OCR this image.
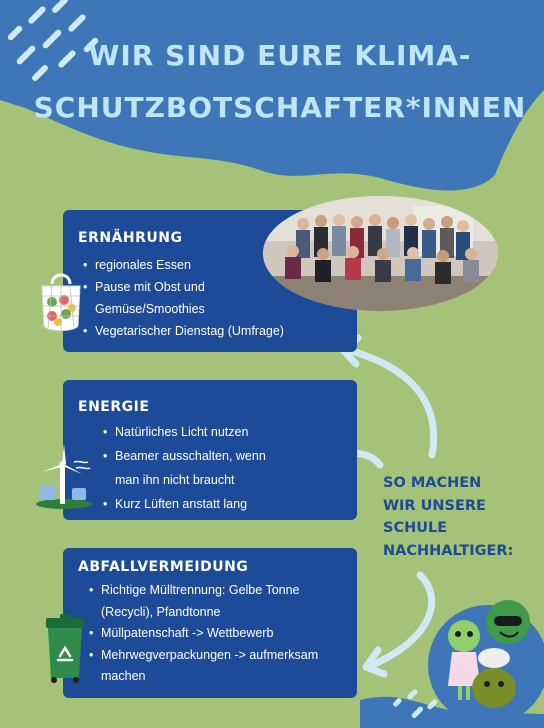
WIR SIND EURE KLIMA-
SCHUTZBOTSCHAFTER*INNEN
ERNÄHRUNG
• regionales Essen
• Pause mit Obst und
Gemüse/Smoothies
• Vegetarischer Dienstag (Umfrage)
ENERGIE
• Natürliches Licht nutzen
• Beamer ausschalten, wenn
man ihn nicht braucht
• Kurz Lüften anstatt lang
ABFALLVERMEIDUNG
• Richtige Mülltrennung: Gelbe Tonne
(Recycli), Pfandtonne
• Müllpatenschaft -> Wettbewerb
• Mehrwegverpackungen -> aufmerksam
machen
SO MACHEN
WIR UNSERE
SCHULE
NACHHALTIGER:
